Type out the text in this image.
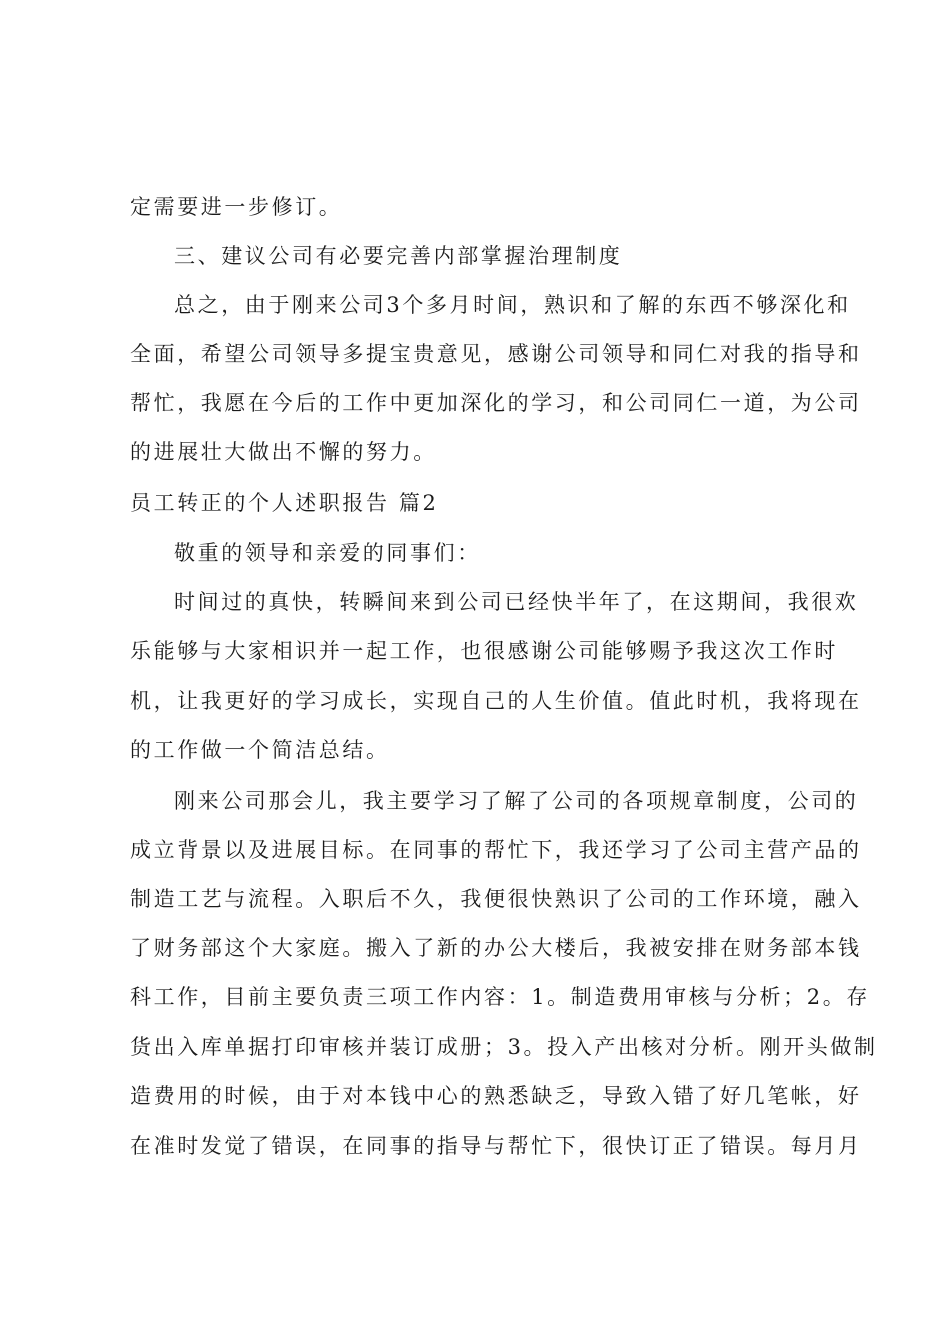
定需要进一步修订。
三、建议公司有必要完善内部掌握治理制度
总之，由于刚来公司3个多月时间，熟识和了解的东西不够深化和
全面，希望公司领导多提宝贵意见，感谢公司领导和同仁对我的指导和
帮忙，我愿在今后的工作中更加深化的学习，和公司同仁一道，为公司
的进展壮大做出不懈的努力。
员工转正的个人述职报告 篇2
敬重的领导和亲爱的同事们：
时间过的真快，转瞬间来到公司已经快半年了，在这期间，我很欢
乐能够与大家相识并一起工作，也很感谢公司能够赐予我这次工作时
机，让我更好的学习成长，实现自己的人生价值。值此时机，我将现在
的工作做一个简洁总结。
刚来公司那会儿，我主要学习了解了公司的各项规章制度，公司的
成立背景以及进展目标。在同事的帮忙下，我还学习了公司主营产品的
制造工艺与流程。入职后不久，我便很快熟识了公司的工作环境，融入
了财务部这个大家庭。搬入了新的办公大楼后，我被安排在财务部本钱
科工作，目前主要负责三项工作内容：1。制造费用审核与分析；2。存
货出入库单据打印审核并装订成册；3。投入产出核对分析。刚开头做制
造费用的时候，由于对本钱中心的熟悉缺乏，导致入错了好几笔帐，好
在准时发觉了错误，在同事的指导与帮忙下，很快订正了错误。每月月
